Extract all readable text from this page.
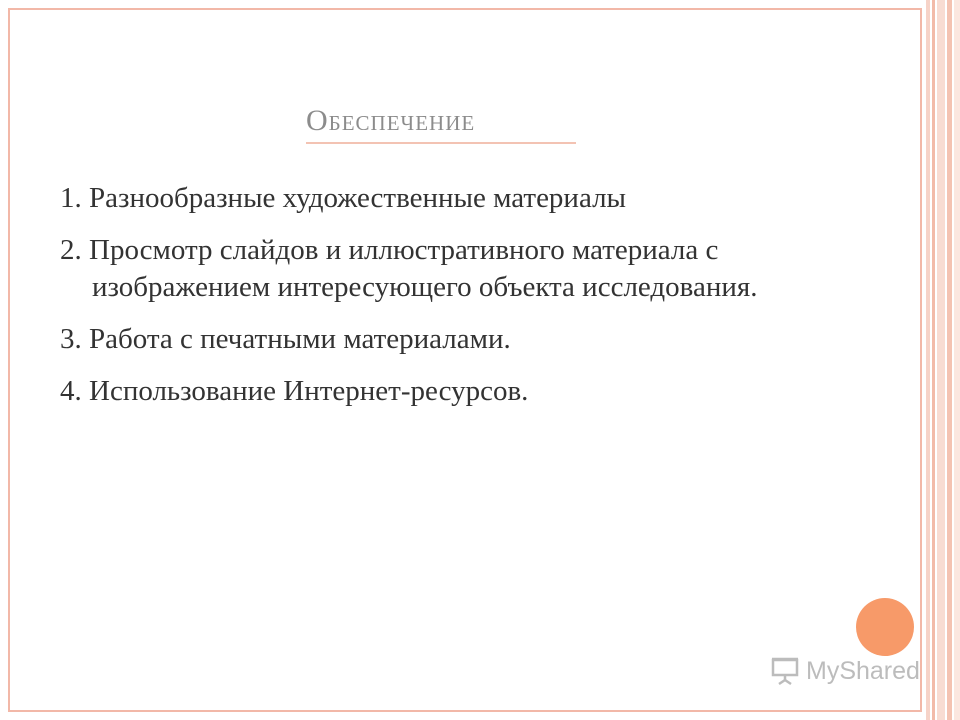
Обеспечение
1. Разнообразные художественные материалы
2. Просмотр слайдов и иллюстративного материала с изображением интересующего объекта исследования.
3. Работа с печатными материалами.
4. Использование Интернет-ресурсов.
MyShared
